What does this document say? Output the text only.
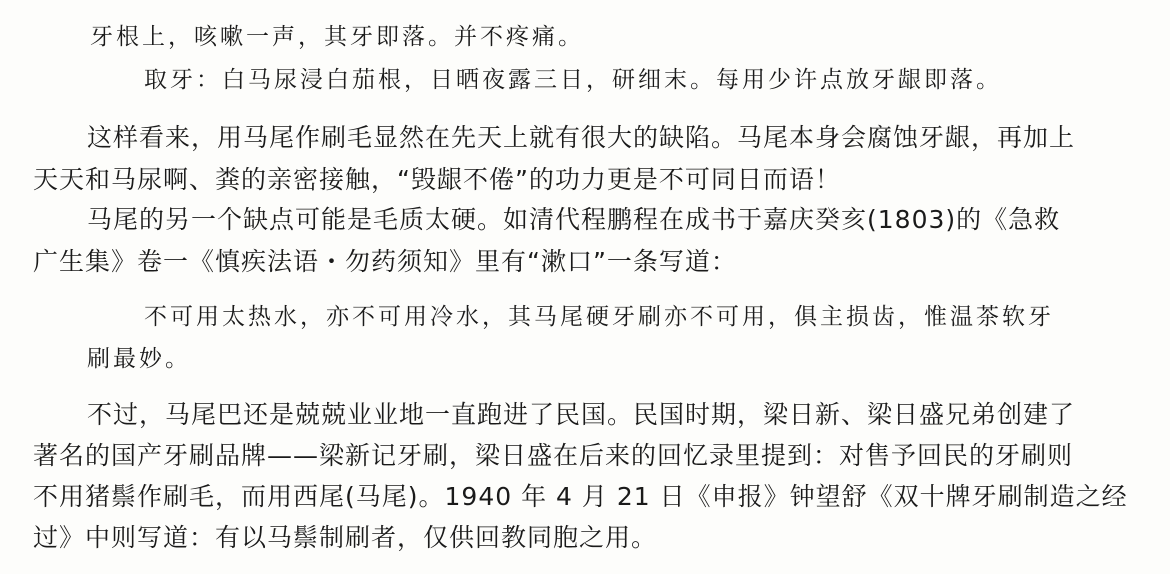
牙根上，咳嗽一声，其牙即落。并不疼痛。

取牙：白马尿浸白茄根，日晒夜露三日，研细末。每用少许点放牙龈即落。

这样看来，用马尾作刷毛显然在先天上就有很大的缺陷。马尾本身会腐蚀牙龈，再加上

天天和马尿啊、粪的亲密接触，“毁龈不倦”的功力更是不可同日而语！

马尾的另一个缺点可能是毛质太硬。如清代程鹏程在成书于嘉庆癸亥(1803)的《急救

广生集》卷一《慎疾法语・勿药须知》里有“漱口”一条写道：

不可用太热水，亦不可用冷水，其马尾硬牙刷亦不可用，俱主损齿，惟温茶软牙

刷最妙。

不过，马尾巴还是兢兢业业地一直跑进了民国。民国时期，梁日新、梁日盛兄弟创建了

著名的国产牙刷品牌——梁新记牙刷，梁日盛在后来的回忆录里提到：对售予回民的牙刷则

不用猪鬃作刷毛，而用西尾(马尾)。1940 年 4 月 21 日《申报》钟望舒《双十牌牙刷制造之经

过》中则写道：有以马鬃制刷者，仅供回教同胞之用。
